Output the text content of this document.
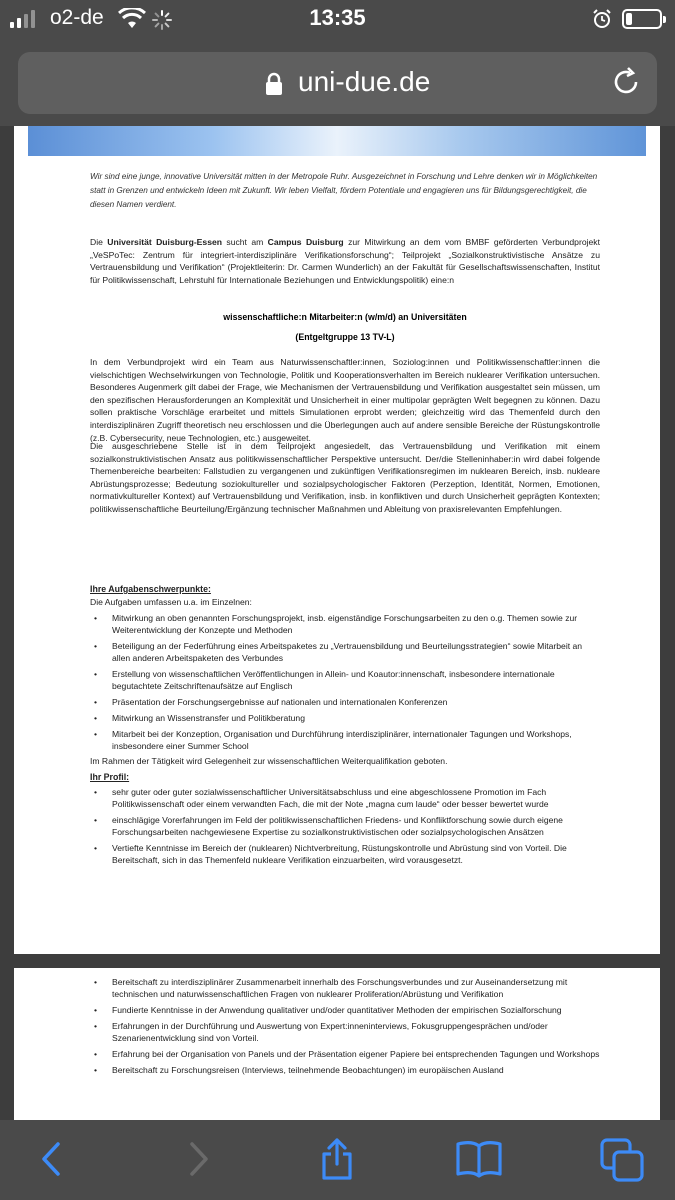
o2-de	13:35
uni-due.de
Wir sind eine junge, innovative Universität mitten in der Metropole Ruhr. Ausgezeichnet in Forschung und Lehre denken wir in Möglichkeiten statt in Grenzen und entwickeln Ideen mit Zukunft. Wir leben Vielfalt, fördern Potentiale und engagieren uns für Bildungsgerechtigkeit, die diesen Namen verdient.
Die Universität Duisburg-Essen sucht am Campus Duisburg zur Mitwirkung an dem vom BMBF geförderten Verbundprojekt „VeSPoTec: Zentrum für integriert-interdisziplinäre Verifikationsforschung“; Teilprojekt „Sozialkonstruktivistische Ansätze zu Vertrauensbildung und Verifikation“ (Projektleiterin: Dr. Carmen Wunderlich) an der Fakultät für Gesellschaftswissenschaften, Institut für Politikwissenschaft, Lehrstuhl für Internationale Beziehungen und Entwicklungspolitik) eine:n
wissenschaftliche:n Mitarbeiter:n (w/m/d) an Universitäten
(Entgeltgruppe 13 TV-L)
In dem Verbundprojekt wird ein Team aus Naturwissenschaftler:innen, Soziolog:innen und Politikwissenschaftler:innen die vielschichtigen Wechselwirkungen von Technologie, Politik und Kooperationsverhalten im Bereich nuklearer Verifikation untersuchen. Besonderes Augenmerk gilt dabei der Frage, wie Mechanismen der Vertrauensbildung und Verifikation ausgestaltet sein müssen, um den spezifischen Herausforderungen an Komplexität und Unsicherheit in einer multipolar geprägten Welt begegnen zu können. Dazu sollen praktische Vorschläge erarbeitet und mittels Simulationen erprobt werden; gleichzeitig wird das Themenfeld durch den interdisziplinären Zugriff theoretisch neu erschlossen und die Überlegungen auch auf andere sensible Bereiche der Rüstungskontrolle (z.B. Cybersecurity, neue Technologien, etc.) ausgeweitet.
Die ausgeschriebene Stelle ist in dem Teilprojekt angesiedelt, das Vertrauensbildung und Verifikation mit einem sozialkonstruktivistischen Ansatz aus politikwissenschaftlicher Perspektive untersucht. Der/die Stelleninhaber:in wird dabei folgende Themenbereiche bearbeiten: Fallstudien zu vergangenen und zukünftigen Verifikationsregimen im nuklearen Bereich, insb. nukleare Abrüstungsprozesse; Bedeutung soziokultureller und sozialpsychologischer Faktoren (Perzeption, Identität, Normen, Emotionen, normativkultureller Kontext) auf Vertrauensbildung und Verifikation, insb. in konfliktiven und durch Unsicherheit geprägten Kontexten; politikwissenschaftliche Beurteilung/Ergänzung technischer Maßnahmen und Ableitung von praxisrelevanten Empfehlungen.
Ihre Aufgabenschwerpunkte:
Die Aufgaben umfassen u.a. im Einzelnen:
• Mitwirkung an oben genannten Forschungsprojekt, insb. eigenständige Forschungsarbeiten zu den o.g. Themen sowie zur Weiterentwicklung der Konzepte und Methoden
• Beteiligung an der Federführung eines Arbeitspaketes zu „Vertrauensbildung und Beurteilungsstrategien“ sowie Mitarbeit an allen anderen Arbeitspaketen des Verbundes
• Erstellung von wissenschaftlichen Veröffentlichungen in Allein- und Koautor:innenschaft, insbesondere internationale begutachtete Zeitschriftenaufsätze auf Englisch
• Präsentation der Forschungsergebnisse auf nationalen und internationalen Konferenzen
• Mitwirkung an Wissenstransfer und Politikberatung
• Mitarbeit bei der Konzeption, Organisation und Durchführung interdisziplinärer, internationaler Tagungen und Workshops, insbesondere einer Summer School
Im Rahmen der Tätigkeit wird Gelegenheit zur wissenschaftlichen Weiterqualifikation geboten.
Ihr Profil:
• sehr guter oder guter sozialwissenschaftlicher Universitätsabschluss und eine abgeschlossene Promotion im Fach Politikwissenschaft oder einem verwandten Fach, die mit der Note „magna cum laude“ oder besser bewertet wurde
• einschlägige Vorerfahrungen im Feld der politikwissenschaftlichen Friedens- und Konfliktforschung sowie durch eigene Forschungsarbeiten nachgewiesene Expertise zu sozialkonstruktivistischen oder sozialpsychologischen Ansätzen
• Vertiefte Kenntnisse im Bereich der (nuklearen) Nichtverbreitung, Rüstungskontrolle und Abrüstung sind von Vorteil. Die Bereitschaft, sich in das Themenfeld nukleare Verifikation einzuarbeiten, wird vorausgesetzt.
• Bereitschaft zu interdisziplinärer Zusammenarbeit innerhalb des Forschungsverbundes und zur Auseinandersetzung mit technischen und naturwissenschaftlichen Fragen von nuklearer Proliferation/Abrüstung und Verifikation
• Fundierte Kenntnisse in der Anwendung qualitativer und/oder quantitativer Methoden der empirischen Sozialforschung
• Erfahrungen in der Durchführung und Auswertung von Expert:inneninterviews, Fokusgruppengesprächen und/oder Szenarienentwicklung sind von Vorteil.
• Erfahrung bei der Organisation von Panels und der Präsentation eigener Papiere bei entsprechenden Tagungen und Workshops
• Bereitschaft zu Forschungsreisen (Interviews, teilnehmende Beobachtungen) im europäischen Ausland
